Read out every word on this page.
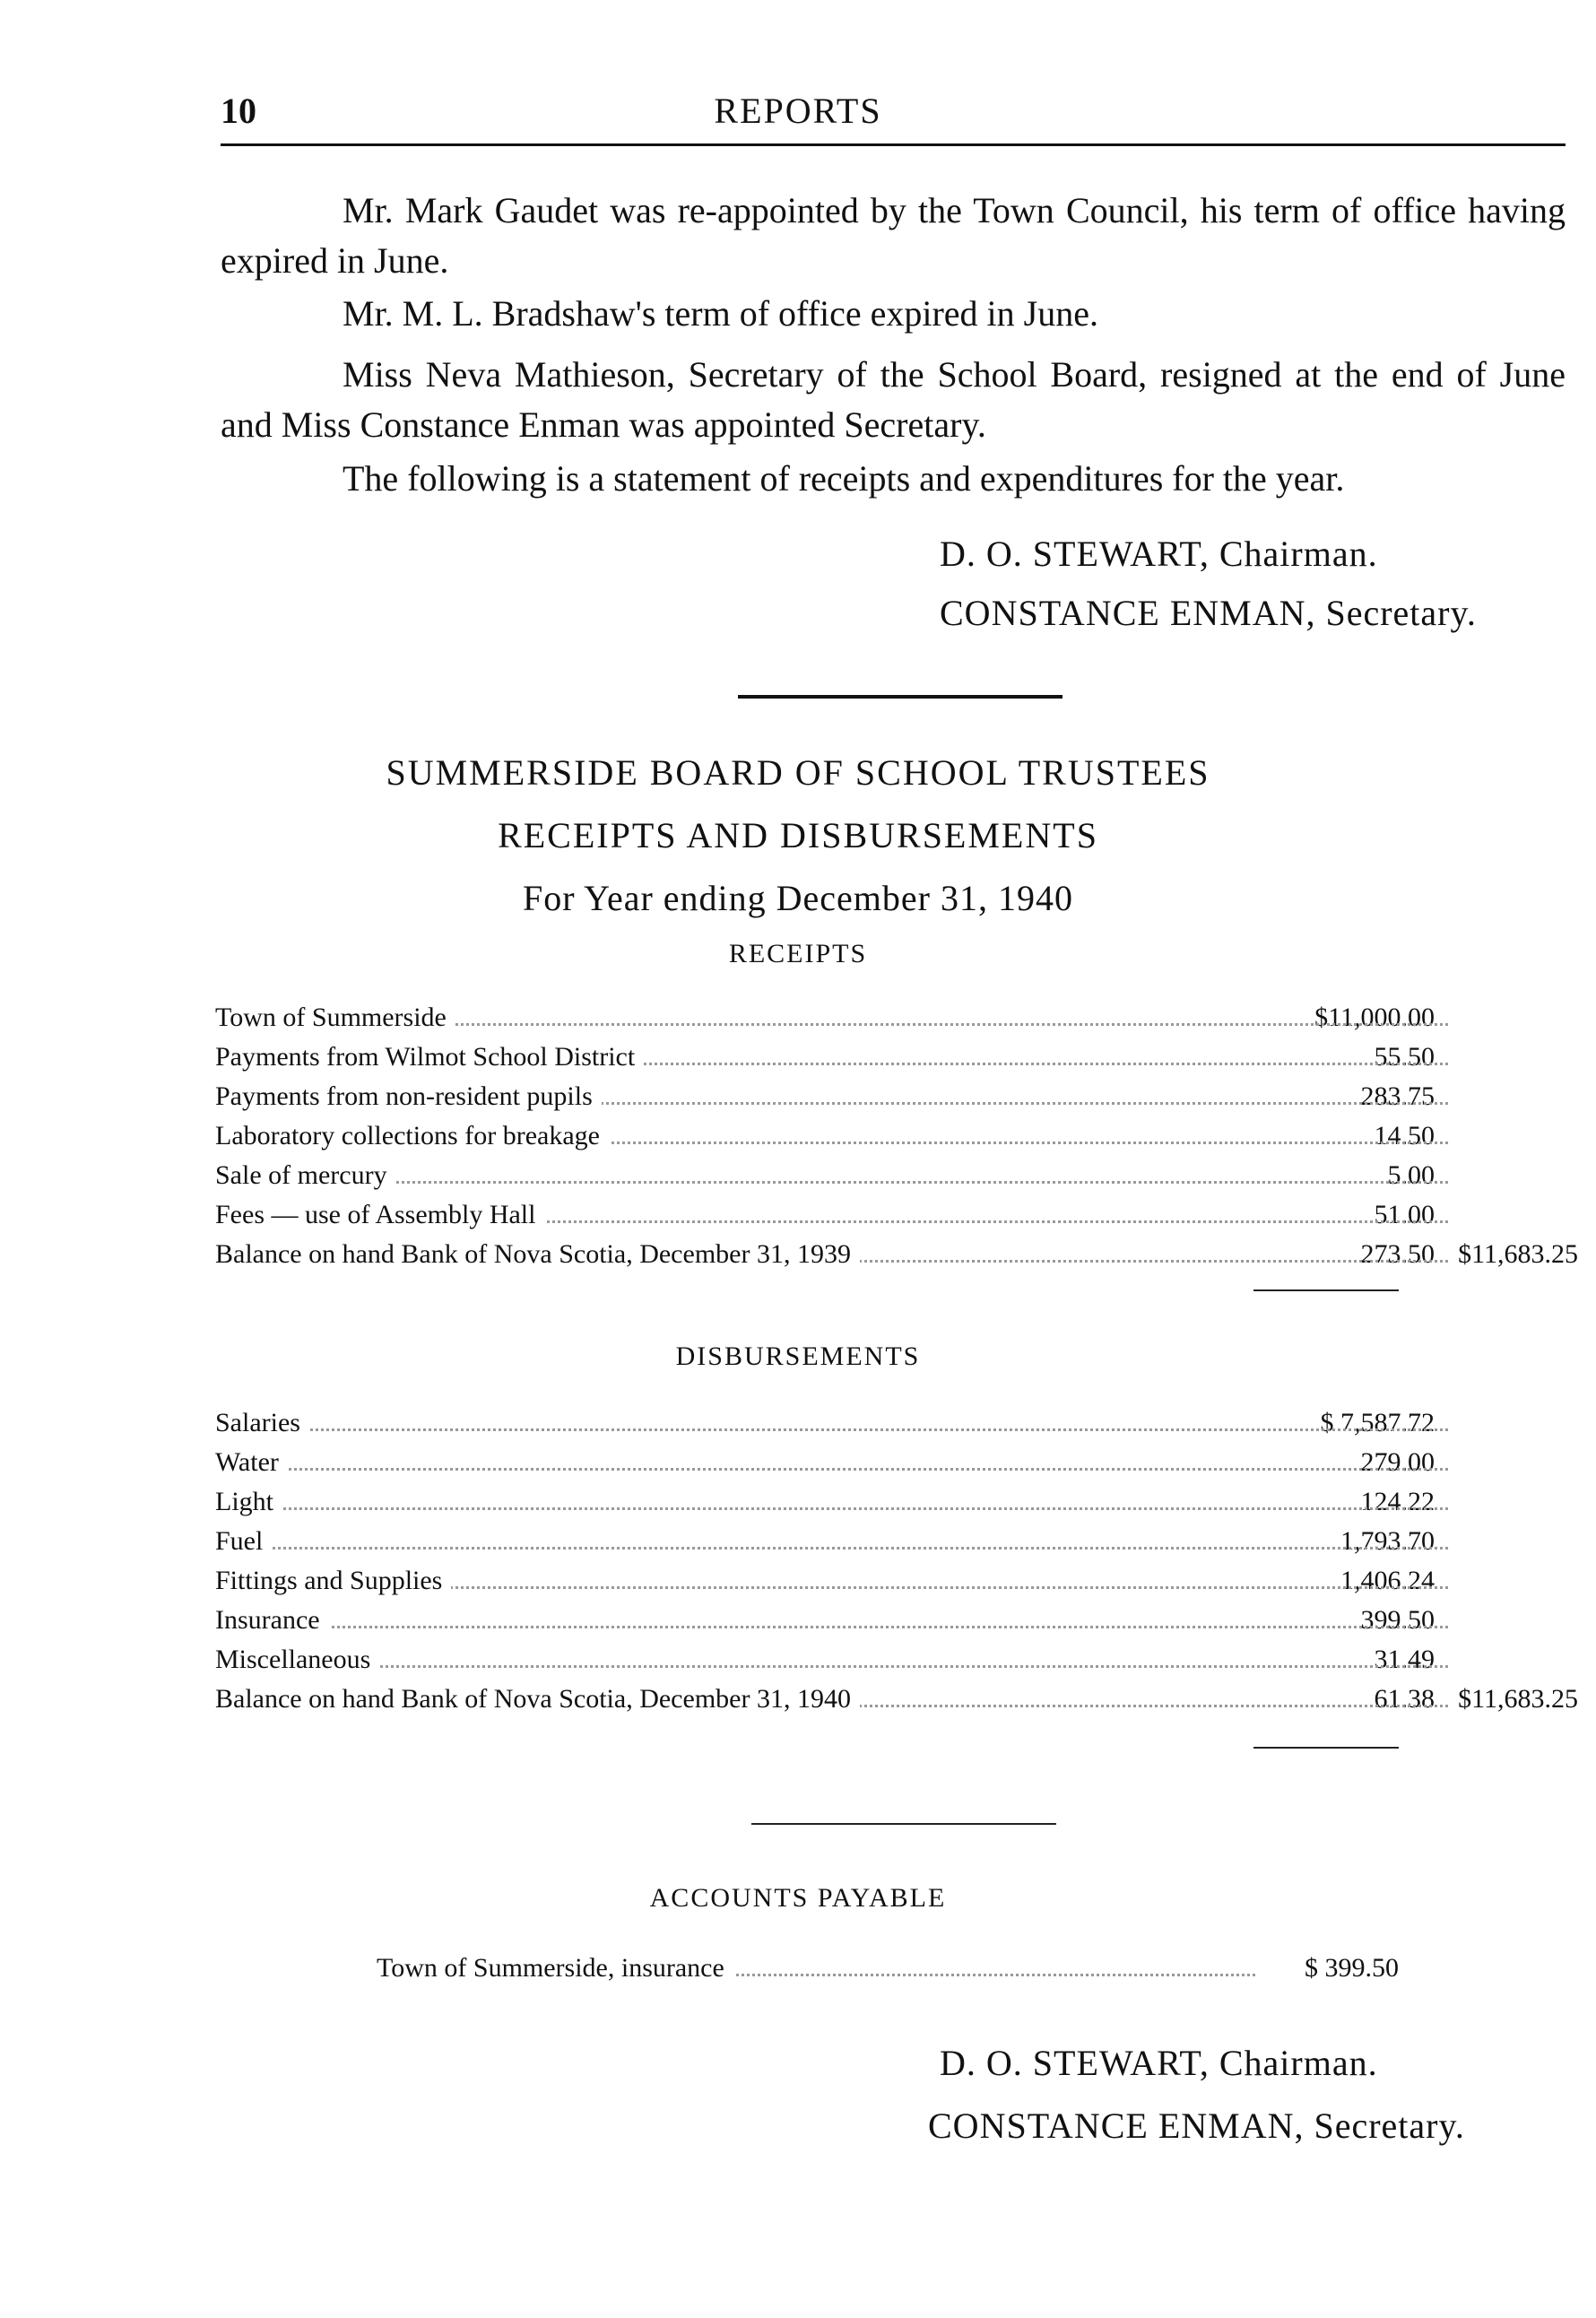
10	REPORTS

Mr. Mark Gaudet was re-appointed by the Town Council, his term of office having expired in June.

Mr. M. L. Bradshaw's term of office expired in June.

Miss Neva Mathieson, Secretary of the School Board, resigned at the end of June and Miss Constance Enman was appointed Secretary.

The following is a statement of receipts and expenditures for the year.

D. O. STEWART, Chairman.
CONSTANCE ENMAN, Secretary.
SUMMERSIDE BOARD OF SCHOOL TRUSTEES
RECEIPTS AND DISBURSEMENTS
For Year ending December 31, 1940
RECEIPTS
Town of Summerside	$11,000.00
Payments from Wilmot School District	55.50
Payments from non-resident pupils	283.75
Laboratory collections for breakage	14.50
Sale of mercury	5.00
Fees — use of Assembly Hall	51.00
Balance on hand Bank of Nova Scotia, December 31, 1939	273.50 $11,683.25
DISBURSEMENTS
Salaries	$ 7,587.72
Water	279.00
Light	124.22
Fuel	1,793.70
Fittings and Supplies	1,406.24
Insurance	399.50
Miscellaneous	31.49
Balance on hand Bank of Nova Scotia, December 31, 1940	61.38 $11,683.25
ACCOUNTS PAYABLE
Town of Summerside, insurance	$ 399.50
D. O. STEWART, Chairman.
CONSTANCE ENMAN, Secretary.
